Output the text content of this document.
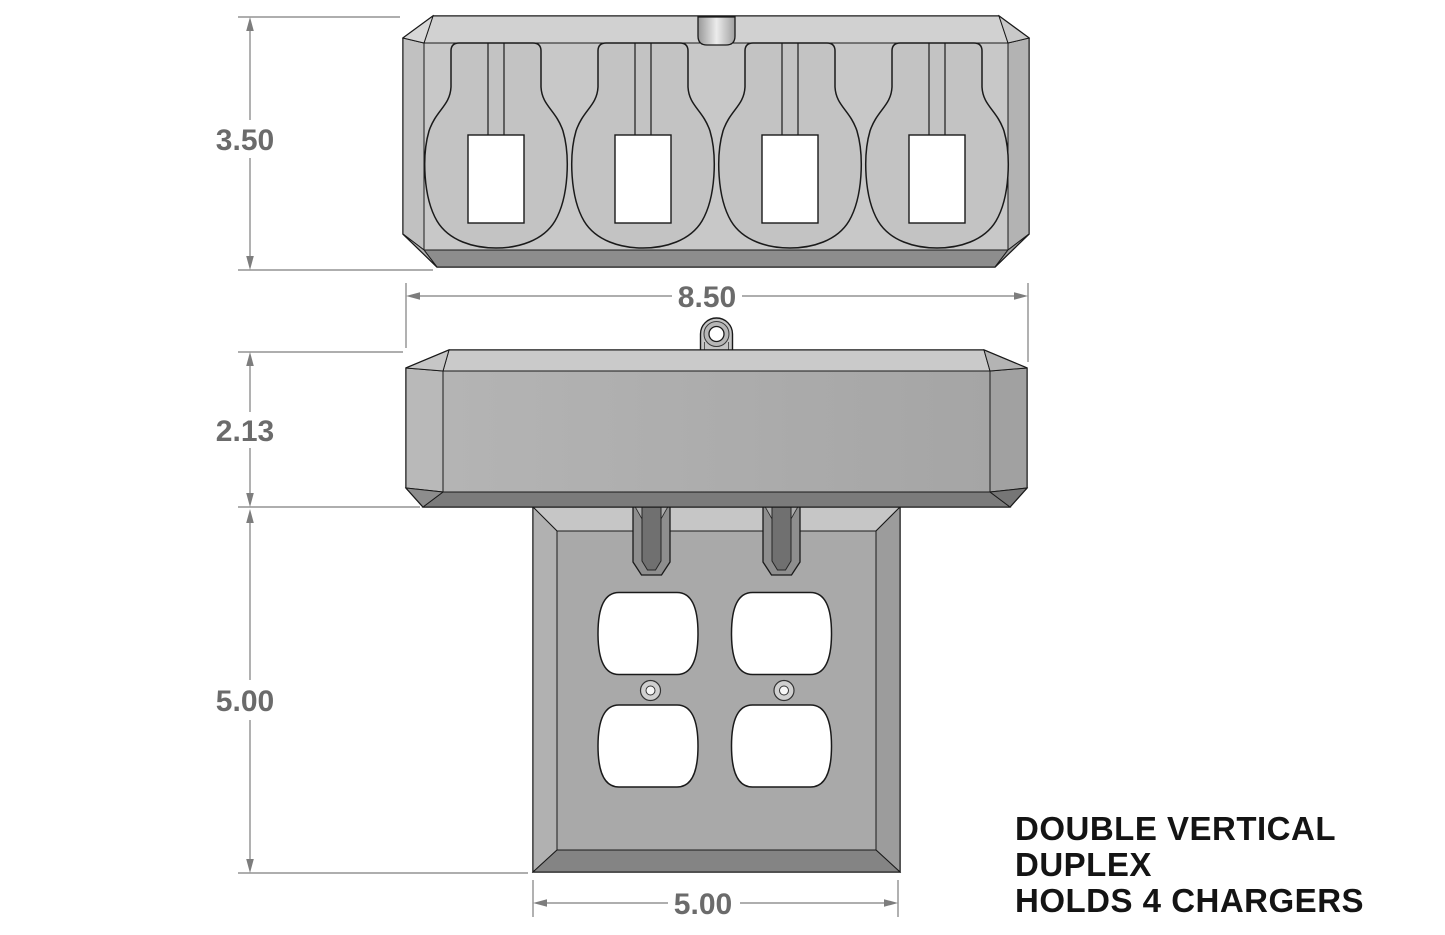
3.50
8.50
2.13
5.00
5.00
DOUBLE VERTICAL
DUPLEX
HOLDS 4 CHARGERS
